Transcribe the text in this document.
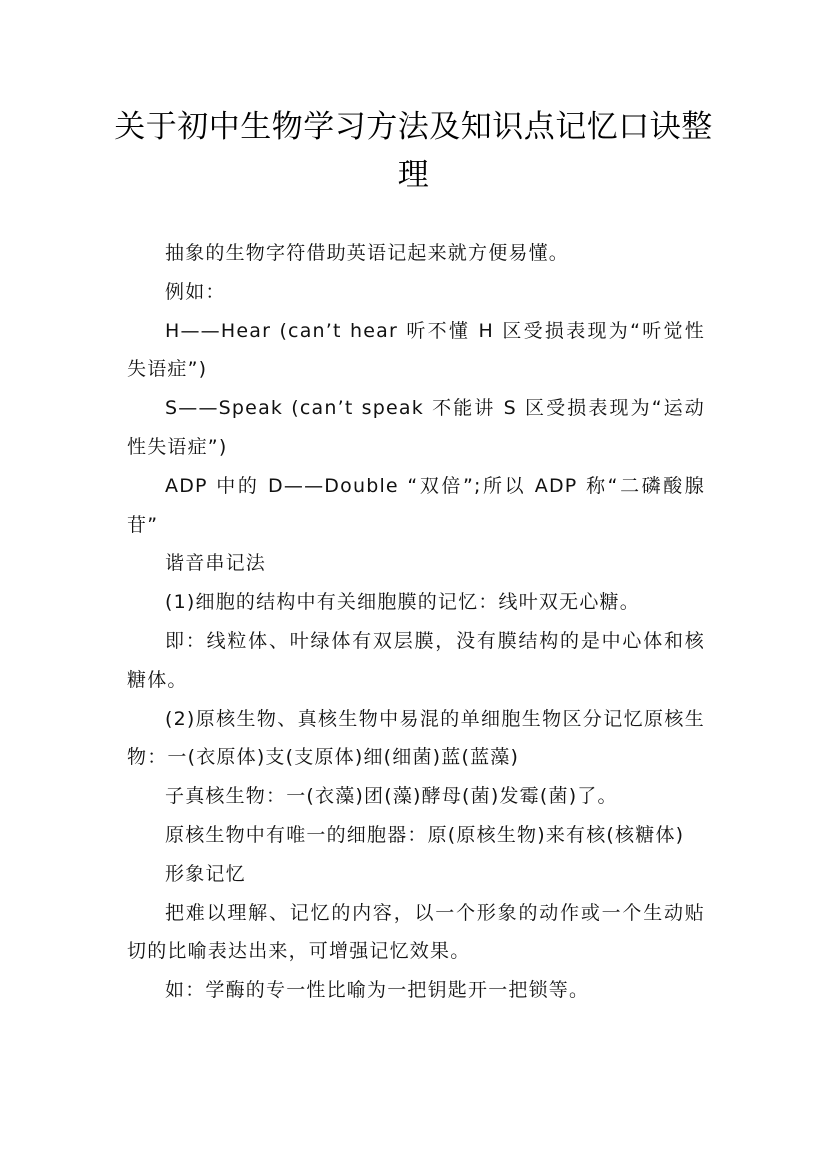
关于初中生物学习方法及知识点记忆口诀整理

抽象的生物字符借助英语记起来就方便易懂。

例如：

H——Hear (can’t hear 听不懂 H 区受损表现为“听觉性失语症”)

S——Speak (can’t speak 不能讲 S 区受损表现为“运动性失语症”)

ADP 中的 D——Double “双倍”;所以 ADP 称“二磷酸腺苷”

谐音串记法

(1)细胞的结构中有关细胞膜的记忆：线叶双无心糖。

即：线粒体、叶绿体有双层膜，没有膜结构的是中心体和核糖体。

(2)原核生物、真核生物中易混的单细胞生物区分记忆原核生物：一(衣原体)支(支原体)细(细菌)蓝(蓝藻)

子真核生物：一(衣藻)团(藻)酵母(菌)发霉(菌)了。

原核生物中有唯一的细胞器：原(原核生物)来有核(核糖体)

形象记忆

把难以理解、记忆的内容，以一个形象的动作或一个生动贴切的比喻表达出来，可增强记忆效果。

如：学酶的专一性比喻为一把钥匙开一把锁等。
